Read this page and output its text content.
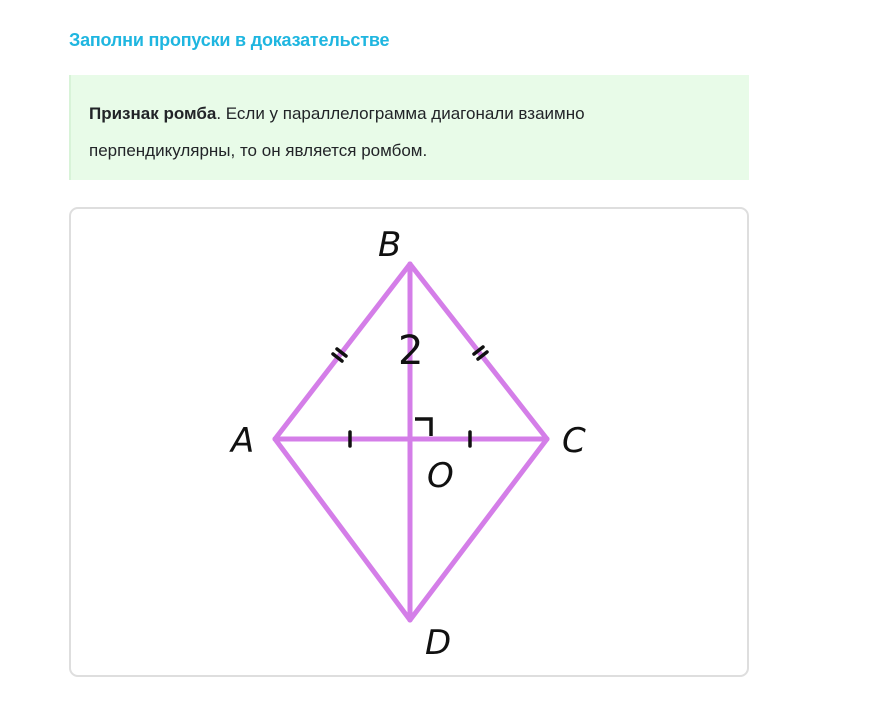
Заполни пропуски в доказательстве
Признак ромба. Если у параллелограмма диагонали взаимно перпендикулярны, то он является ромбом.
2
B
A	C
D
O
